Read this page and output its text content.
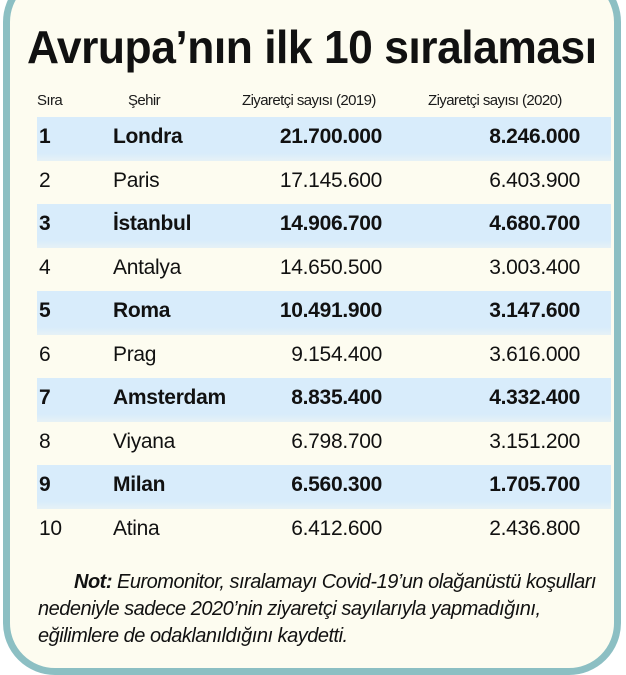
Avrupa’nın ilk 10 sıralaması
Sıra	Şehir	Ziyaretçi sayısı (2019)	Ziyaretçi sayısı (2020)
1	Londra	21.700.000	8.246.000
2	Paris	17.145.600	6.403.900
3	İstanbul	14.906.700	4.680.700
4	Antalya	14.650.500	3.003.400
5	Roma	10.491.900	3.147.600
6	Prag	9.154.400	3.616.000
7	Amsterdam	8.835.400	4.332.400
8	Viyana	6.798.700	3.151.200
9	Milan	6.560.300	1.705.700
10 Atina	6.412.600	2.436.800
Not: Euromonitor, sıralamayı Covid-19’un olağanüstü koşulları nedeniyle sadece 2020’nin ziyaretçi sayılarıyla yapmadığını, eğilimlere de odaklanıldığını kaydetti.
